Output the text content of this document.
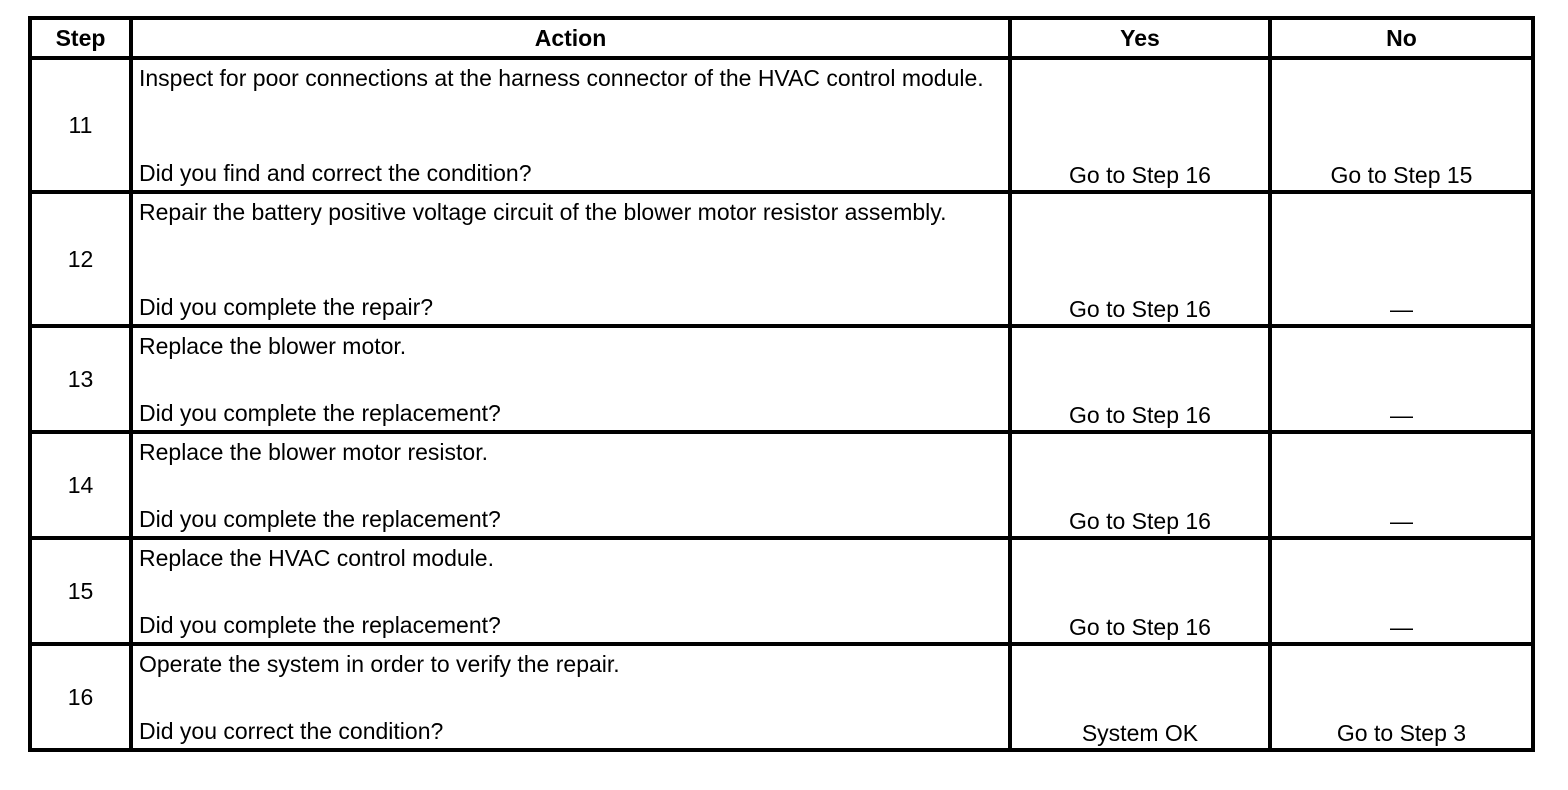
Step	Action	Yes	No
11	Inspect for poor connections at the harness connector of the HVAC control module.
Did you find and correct the condition?	Go to Step 16	Go to Step 15
12	Repair the battery positive voltage circuit of the blower motor resistor assembly.
Did you complete the repair?	Go to Step 16	—
13	Replace the blower motor.
Did you complete the replacement?	Go to Step 16	—
14	Replace the blower motor resistor.
Did you complete the replacement?	Go to Step 16	—
15	Replace the HVAC control module.
Did you complete the replacement?	Go to Step 16	—
16	Operate the system in order to verify the repair.
Did you correct the condition?	System OK	Go to Step 3
